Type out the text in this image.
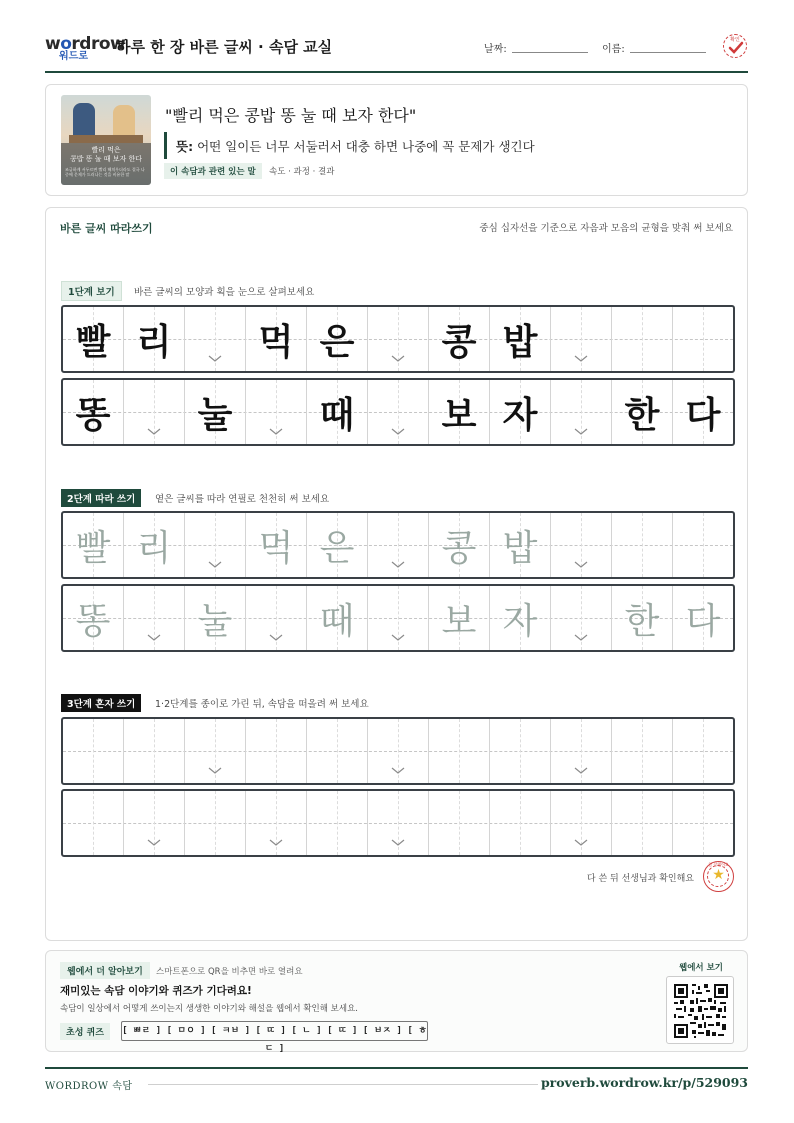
wordrow
워드로
하루 한 장 바른 글씨 · 속담 교실	날짜:	이름:
확인
빨리 먹은
콩밥 똥 눌 때 보자 한다
조급하게 서두르면 빨리 해치우더라도 결국 나중에 문제가 드러나는 것을 비유한 말
"빨리 먹은 콩밥 똥 눌 때 보자 한다"
뜻: 어떤 일이든 너무 서둘러서 대충 하면 나중에 꼭 문제가 생긴다
이 속담과 관련 있는 말	속도 · 과정 · 결과
바른 글씨 따라쓰기	중심 십자선을 기준으로 자음과 모음의 균형을 맞춰 써 보세요
1단계 보기	바른 글씨의 모양과 획을 눈으로 살펴보세요
빨 리	먹 은	콩 밥
똥	눌	때	보 자	한 다
2단계 따라 쓰기	옅은 글씨를 따라 연필로 천천히 써 보세요
빨 리	먹 은	콩 밥
똥	눌	때	보 자	한 다
3단계 혼자 쓰기	1·2단계를 종이로 가린 뒤, 속담을 떠올려 써 보세요
다 쓴 뒤 선생님과 확인해요
참 잘했어요
★
웹에서 더 알아보기	스마트폰으로 QR을 비추면 바로 열려요
재미있는 속담 이야기와 퀴즈가 기다려요!
속담이 일상에서 어떻게 쓰이는지 생생한 이야기와 해설을 웹에서 확인해 보세요.
초성 퀴즈	[ ㅃㄹ ] [ ㅁㅇ ] [ ㅋㅂ ] [ ㄸ ] [ ㄴ ] [ ㄸ ] [ ㅂㅈ ] [ ㅎㄷ ]
웹에서 보기
WORDROW 속담	proverb.wordrow.kr/p/529093
